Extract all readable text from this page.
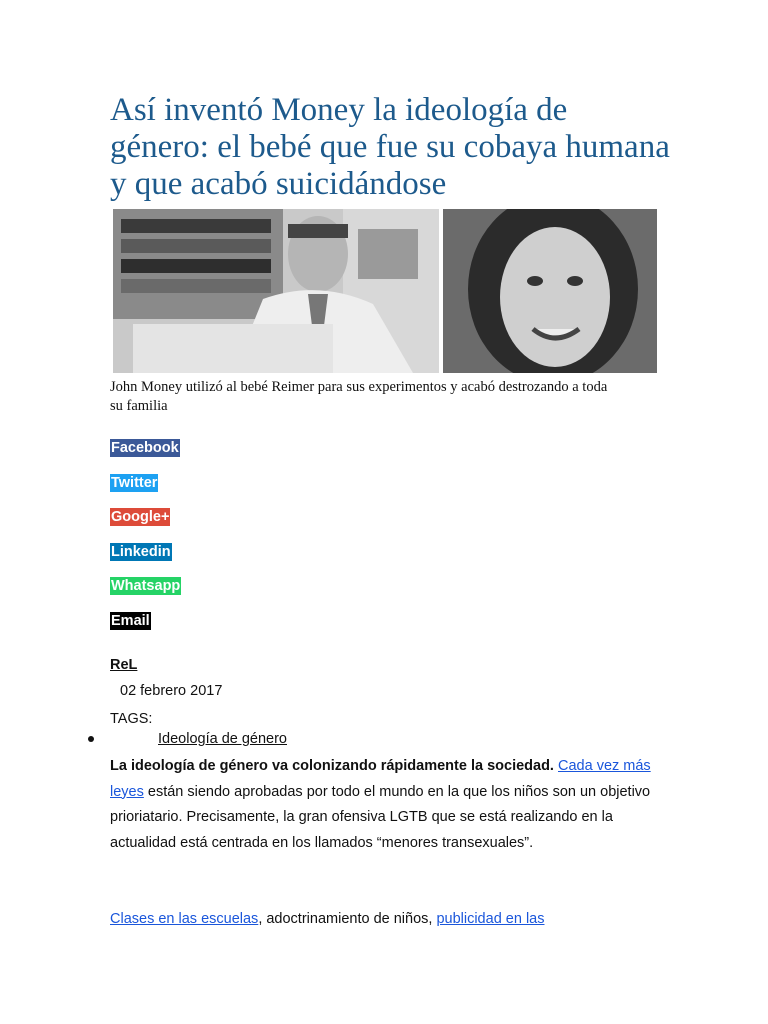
Así inventó Money la ideología de género: el bebé que fue su cobaya humana y que acabó suicidándose
John Money utilizó al bebé Reimer para sus experimentos y acabó destrozando a toda su familia
Facebook
Twitter
Google+
Linkedin
Whatsapp
Email
ReL
02 febrero 2017
TAGS:
Ideología de género
La ideología de género va colonizando rápidamente la sociedad. Cada vez más leyes están siendo aprobadas por todo el mundo en la que los niños son un objetivo prioriatario. Precisamente, la gran ofensiva LGTB que se está realizando en la actualidad está centrada en los llamados “menores transexuales”.
Clases en las escuelas, adoctrinamiento de niños, publicidad en las
